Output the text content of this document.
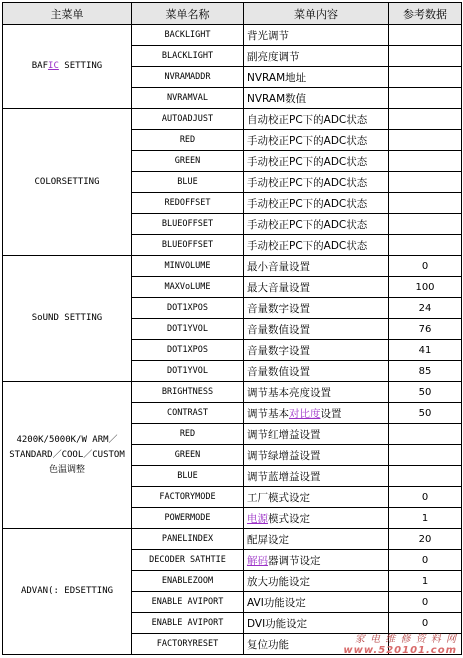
主菜单	菜单名称	菜单内容	参考数据
BAFIC SETTING	BACKLIGHT	背光调节	
	BLACKLIGHT	副亮度调节	
	NVRAMADDR	NVRAM地址	
	NVRAMVAL	NVRAM数值	
COLORSETTING	AUTOADJUST	自动校正PC下的ADC状态	
	RED	手动校正PC下的ADC状态	
	GREEN	手动校正PC下的ADC状态	
	BLUE	手动校正PC下的ADC状态	
	REDOFFSET	手动校正PC下的ADC状态	
	BLUEOFFSET	手动校正PC下的ADC状态	
	BLUEOFFSET	手动校正PC下的ADC状态	
SoUND SETTING	MINVOLUME	最小音量设置	0
	MAXVoLUME	最大音量设置	100
	DOT1XPOS	音量数字设置	24
	DOT1YVOL	音量数值设置	76
	DOT1XPOS	音量数字设置	41
	DOT1YVOL	音量数值设置	85
4200K/5000K/W ARM／STANDARD／COOL／CUSTOM 色温调整	BRIGHTNESS	调节基本亮度设置	50
	CONTRAST	调节基本对比度设置	50
	RED	调节红增益设置	
	GREEN	调节绿增益设置	
	BLUE	调节蓝增益设置	
	FACTORYMODE	工厂模式设定	0
	POWERMODE	电源模式设定	1
ADVAN(: EDSETTING	PANELINDEX	配屏设定	20
	DECODER SATHTIE	解码器调节设定	0
	ENABLEZOOM	放大功能设定	1
	ENABLE AVIPORT	AVI功能设定	0
	ENABLE AVIPORT	DVI功能设定	0
	FACTORYRESET	复位功能		家 电 维 修 资 料 网
www.520101.com
